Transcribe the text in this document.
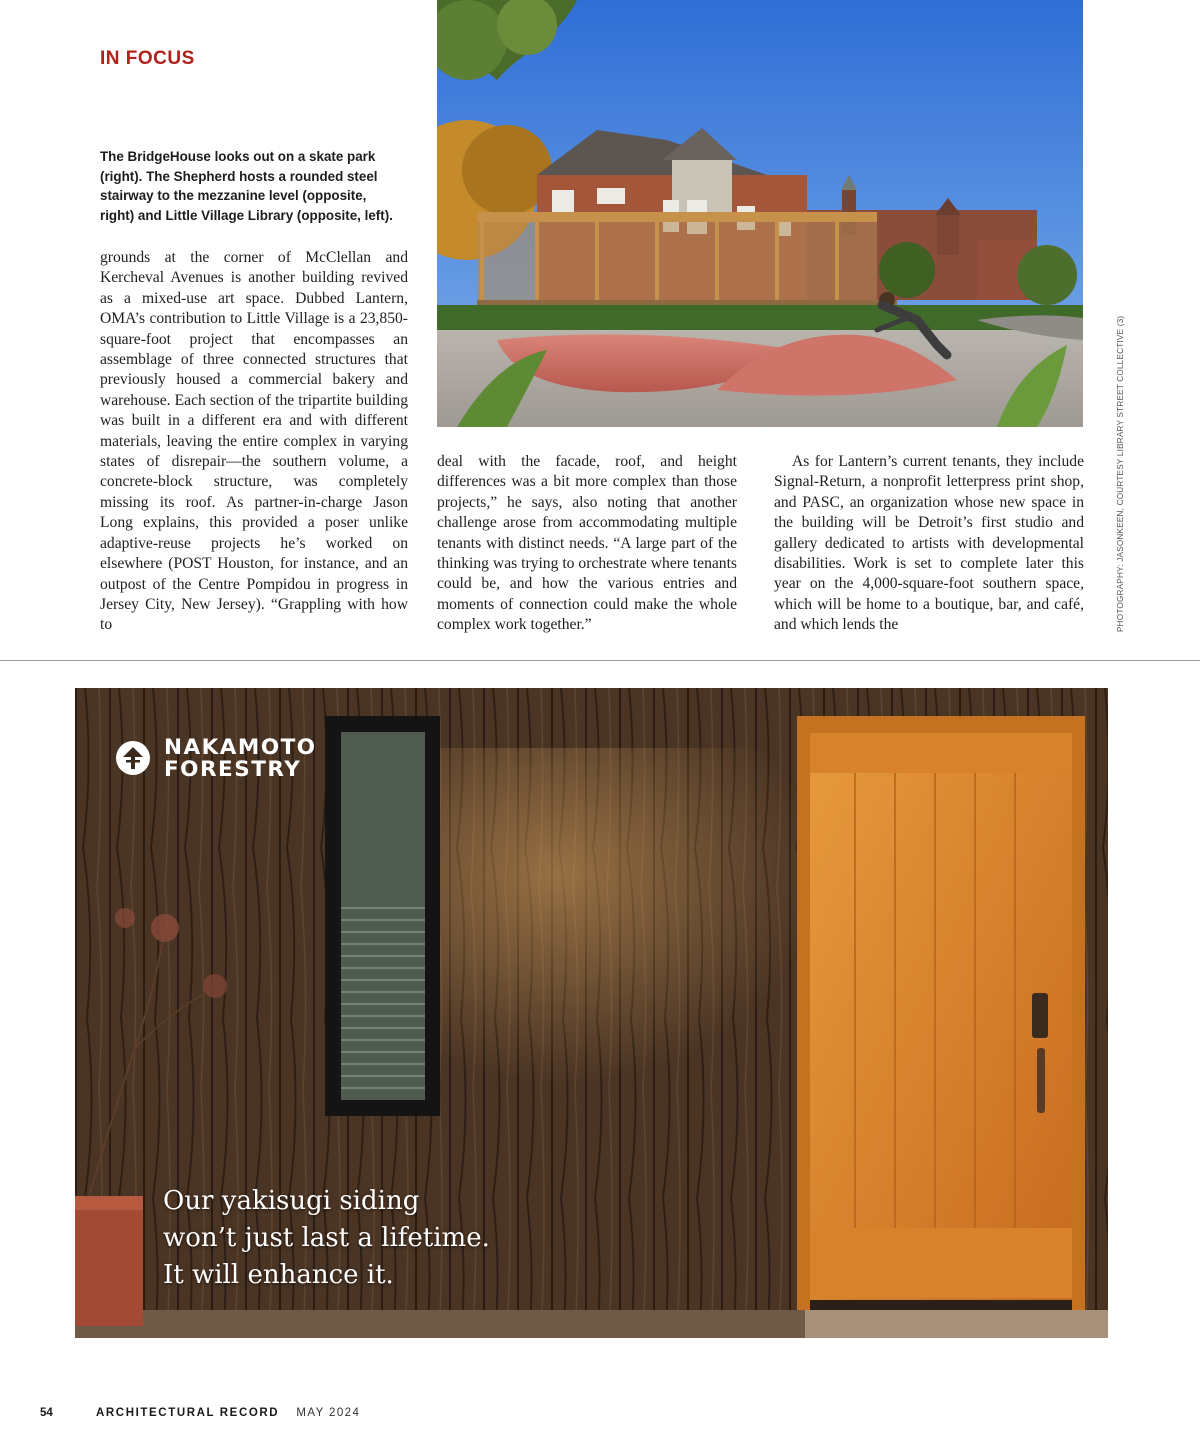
IN FOCUS
The BridgeHouse looks out on a skate park (right). The Shepherd hosts a rounded steel stairway to the mezzanine level (opposite, right) and Little Village Library (opposite, left).

grounds at the corner of McClellan and Kercheval Avenues is another building revived as a mixed-use art space. Dubbed Lantern, OMA’s contribution to Little Village is a 23,850-square-foot project that encompasses an assemblage of three connected structures that previously housed a commercial bakery and warehouse. Each section of the tripartite building was built in a different era and with different materials, leaving the entire complex in varying states of disrepair—the southern volume, a concrete-block structure, was completely missing its roof. As partner-in-charge Jason Long explains, this provided a poser unlike adaptive-reuse projects he’s worked on elsewhere (POST Houston, for instance, and an outpost of the Centre Pompidou in progress in Jersey City, New Jersey). “Grappling with how to

deal with the facade, roof, and height differences was a bit more complex than those projects,” he says, also noting that another challenge arose from accommodating multiple tenants with distinct needs. “A large part of the thinking was trying to orchestrate where tenants could be, and how the various entries and moments of connection could make the whole complex work together.”

As for Lantern’s current tenants, they include Signal-Return, a nonprofit letterpress print shop, and PASC, an organization whose new space in the building will be Detroit’s first studio and gallery dedicated to artists with developmental disabilities. Work is set to complete later this year on the 4,000-square-foot southern space, which will be home to a boutique, bar, and café, and which lends the	PHOTOGRAPHY: JASONKEEN, COURTESY LIBRARY STREET COLLECTIVE (3)
NAKAMOTO
FORESTRY
Our yakisugi siding
won’t just last a lifetime.
It will enhance it.
54	ARCHITECTURAL RECORD MAY 2024
